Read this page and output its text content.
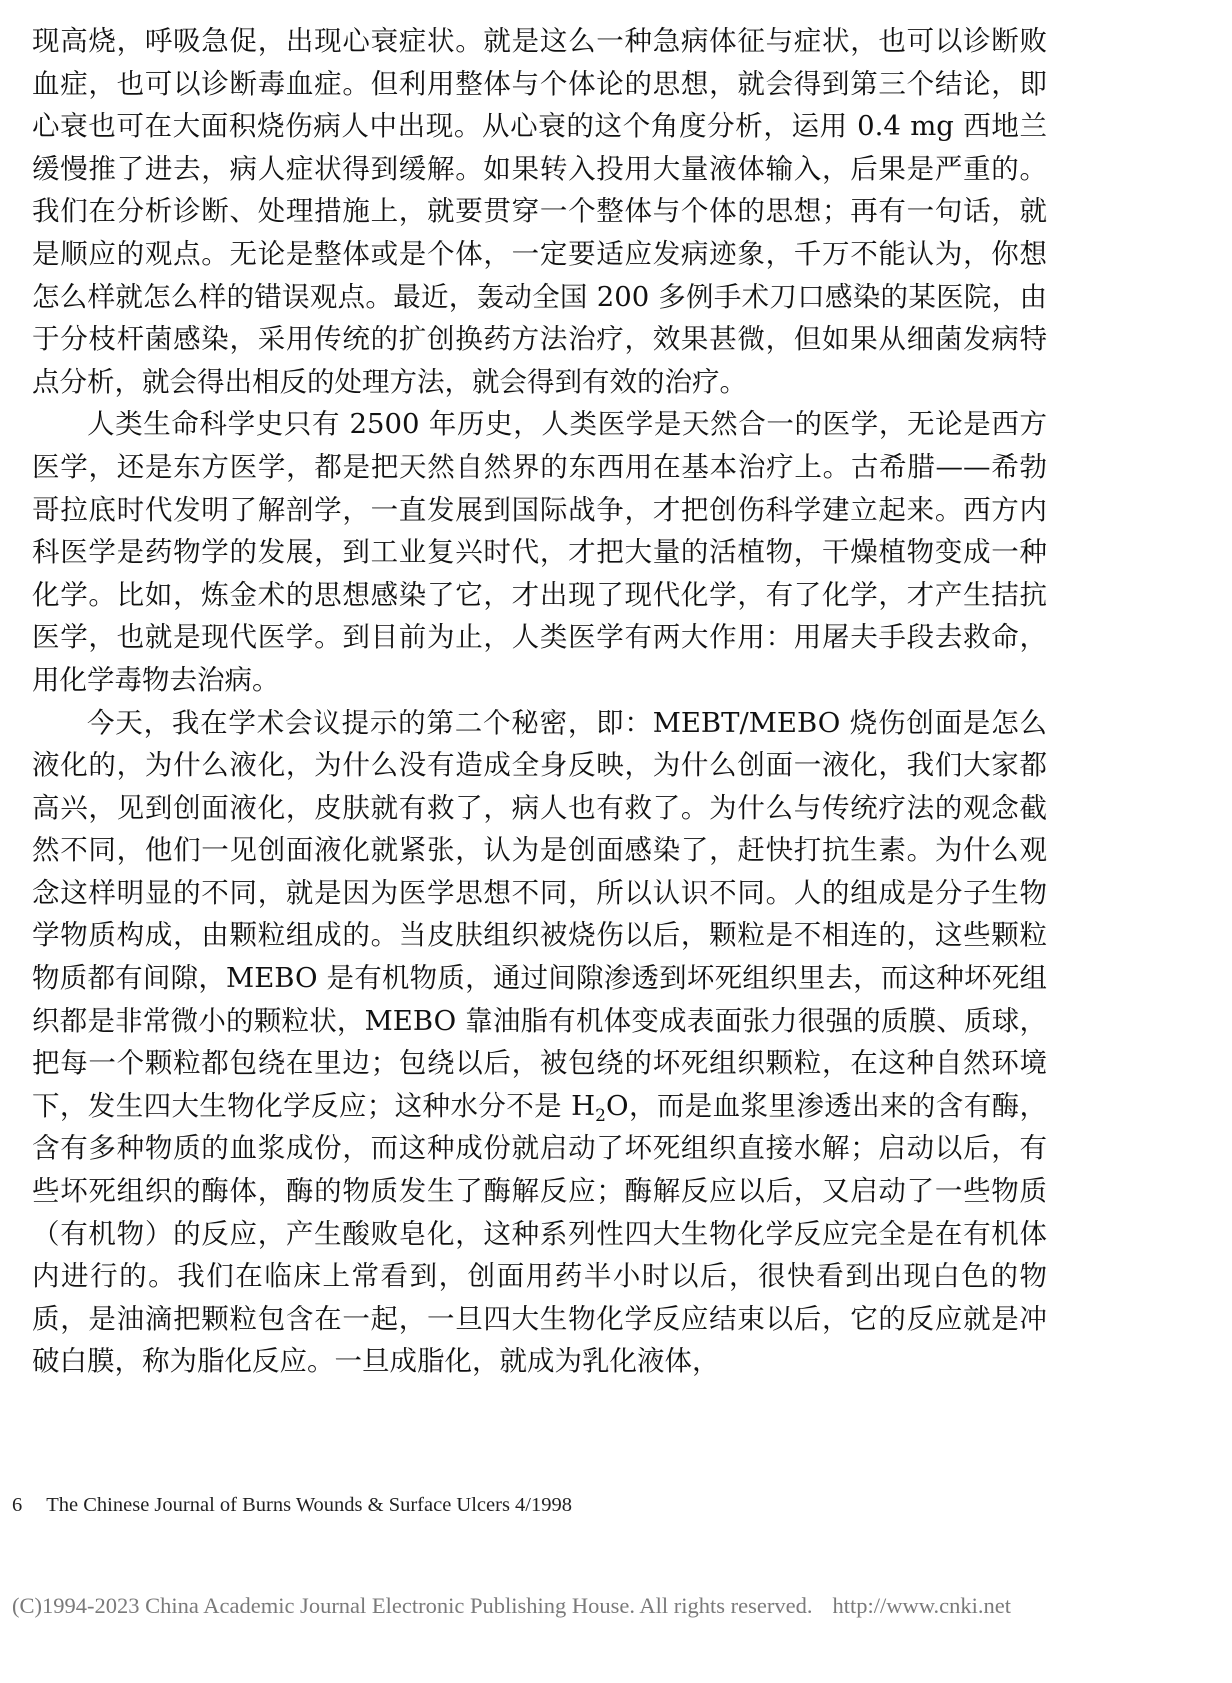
现高烧，呼吸急促，出现心衰症状。就是这么一种急病体征与症状，也可以诊断败血症，也可以诊断毒血症。但利用整体与个体论的思想，就会得到第三个结论，即心衰也可在大面积烧伤病人中出现。从心衰的这个角度分析，运用 0.4 mg 西地兰缓慢推了进去，病人症状得到缓解。如果转入投用大量液体输入，后果是严重的。我们在分析诊断、处理措施上，就要贯穿一个整体与个体的思想；再有一句话，就是顺应的观点。无论是整体或是个体，一定要适应发病迹象，千万不能认为，你想怎么样就怎么样的错误观点。最近，轰动全国 200 多例手术刀口感染的某医院，由于分枝杆菌感染，采用传统的扩创换药方法治疗，效果甚微，但如果从细菌发病特点分析，就会得出相反的处理方法，就会得到有效的治疗。

人类生命科学史只有 2500 年历史，人类医学是天然合一的医学，无论是西方医学，还是东方医学，都是把天然自然界的东西用在基本治疗上。古希腊——希勃哥拉底时代发明了解剖学，一直发展到国际战争，才把创伤科学建立起来。西方内科医学是药物学的发展，到工业复兴时代，才把大量的活植物，干燥植物变成一种化学。比如，炼金术的思想感染了它，才出现了现代化学，有了化学，才产生拮抗医学，也就是现代医学。到目前为止，人类医学有两大作用：用屠夫手段去救命，用化学毒物去治病。

今天，我在学术会议提示的第二个秘密，即：MEBT/MEBO 烧伤创面是怎么液化的，为什么液化，为什么没有造成全身反映，为什么创面一液化，我们大家都高兴，见到创面液化，皮肤就有救了，病人也有救了。为什么与传统疗法的观念截然不同，他们一见创面液化就紧张，认为是创面感染了，赶快打抗生素。为什么观念这样明显的不同，就是因为医学思想不同，所以认识不同。人的组成是分子生物学物质构成，由颗粒组成的。当皮肤组织被烧伤以后，颗粒是不相连的，这些颗粒物质都有间隙，MEBO 是有机物质，通过间隙渗透到坏死组织里去，而这种坏死组织都是非常微小的颗粒状，MEBO 靠油脂有机体变成表面张力很强的质膜、质球，把每一个颗粒都包绕在里边；包绕以后，被包绕的坏死组织颗粒，在这种自然环境下，发生四大生物化学反应；这种水分不是 $H_2O$，而是血浆里渗透出来的含有酶，含有多种物质的血浆成份，而这种成份就启动了坏死组织直接水解；启动以后，有些坏死组织的酶体，酶的物质发生了酶解反应；酶解反应以后，又启动了一些物质（有机物）的反应，产生酸败皂化，这种系列性四大生物化学反应完全是在有机体内进行的。我们在临床上常看到，创面用药半小时以后，很快看到出现白色的物质，是油滴把颗粒包含在一起，一旦四大生物化学反应结束以后，它的反应就是冲破白膜，称为脂化反应。一旦成脂化，就成为乳化液体，

6 The Chinese Journal of Burns Wounds & Surface Ulcers 4/1998
(C)1994-2023 China Academic Journal Electronic Publishing House. All rights reserved. http://www.cnki.net
